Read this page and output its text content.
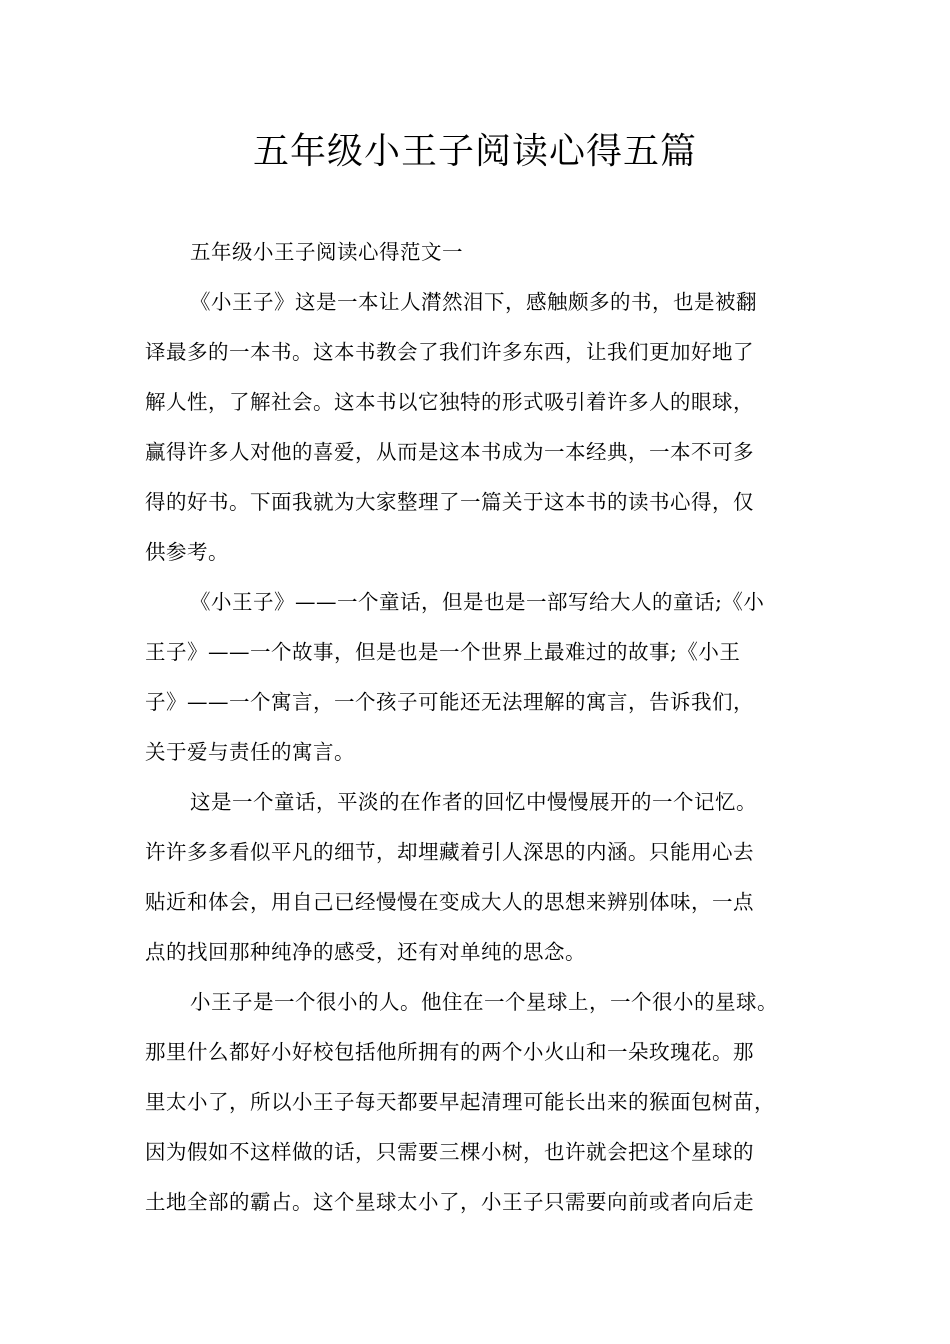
五年级小王子阅读心得五篇
五年级小王子阅读心得范文一
《小王子》这是一本让人潸然泪下，感触颇多的书，也是被翻
译最多的一本书。这本书教会了我们许多东西，让我们更加好地了
解人性，了解社会。这本书以它独特的形式吸引着许多人的眼球，
赢得许多人对他的喜爱，从而是这本书成为一本经典，一本不可多
得的好书。下面我就为大家整理了一篇关于这本书的读书心得，仅
供参考。
《小王子》——一个童话，但是也是一部写给大人的童话;《小
王子》——一个故事，但是也是一个世界上最难过的故事;《小王
子》——一个寓言，一个孩子可能还无法理解的寓言，告诉我们，
关于爱与责任的寓言。
这是一个童话，平淡的在作者的回忆中慢慢展开的一个记忆。
许许多多看似平凡的细节，却埋藏着引人深思的内涵。只能用心去
贴近和体会，用自己已经慢慢在变成大人的思想来辨别体味，一点
点的找回那种纯净的感受，还有对单纯的思念。
小王子是一个很小的人。他住在一个星球上，一个很小的星球。
那里什么都好小好校包括他所拥有的两个小火山和一朵玫瑰花。那
里太小了，所以小王子每天都要早起清理可能长出来的猴面包树苗，
因为假如不这样做的话，只需要三棵小树，也许就会把这个星球的
土地全部的霸占。这个星球太小了，小王子只需要向前或者向后走
